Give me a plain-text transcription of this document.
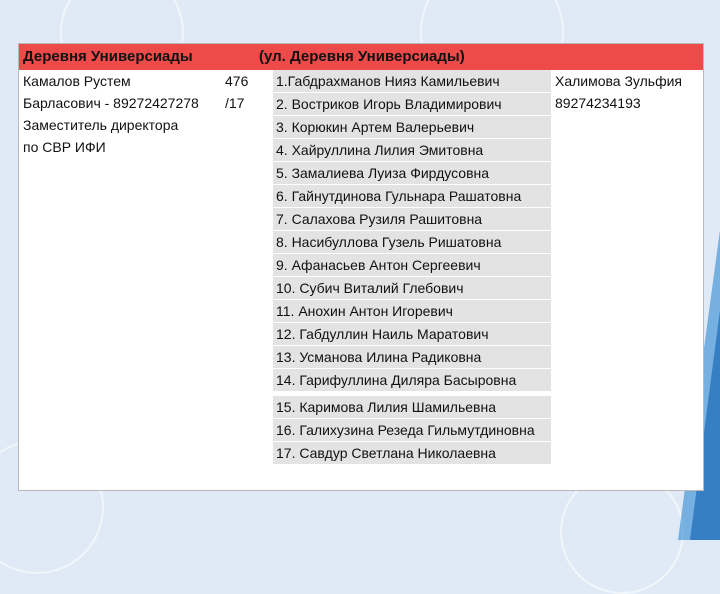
Деревня Универсиады	(ул. Деревня Универсиады)
Камалов Рустем
Барласович - 89272427278
Заместитель директора
по СВР ИФИ
476
/17
1.Габдрахманов Нияз Камильевич
2. Востриков Игорь Владимирович
3. Корюкин Артем Валерьевич
4. Хайруллина Лилия Эмитовна
5. Замалиева Луиза Фирдусовна
6. Гайнутдинова Гульнара Рашатовна
7. Салахова Рузиля Рашитовна
8. Насибуллова Гузель Ришатовна
9. Афанасьев Антон Сергеевич
10. Субич Виталий Глебович
11. Анохин Антон Игоревич
12. Габдуллин Наиль Маратович
13. Усманова Илина Радиковна
14. Гарифуллина Диляра Басыровна
15. Каримова Лилия Шамильевна
16. Галихузина Резеда Гильмутдиновна
17. Савдур Светлана Николаевна
Халимова Зульфия
89274234193
